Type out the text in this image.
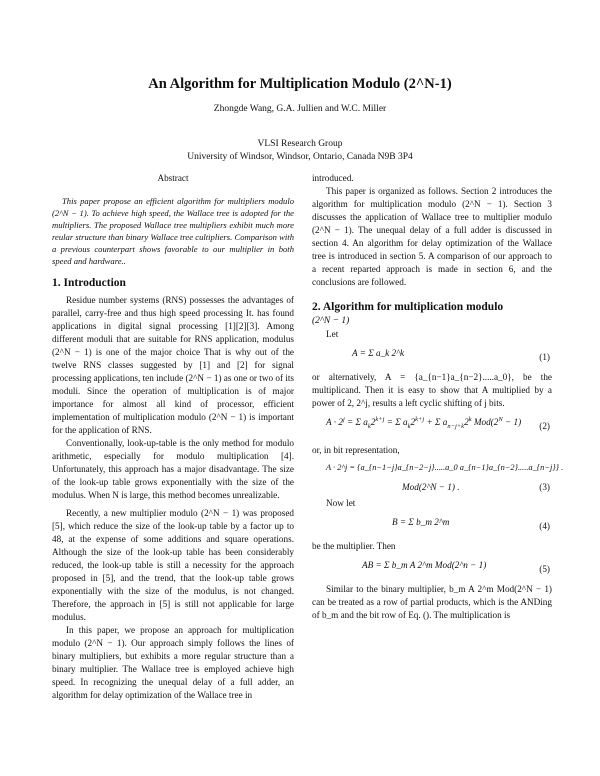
An Algorithm for Multiplication Modulo (2^N-1)
Zhongde Wang, G.A. Jullien and W.C. Miller
VLSI Research Group
University of Windsor, Windsor, Ontario, Canada N9B 3P4
Abstract

This paper propose an efficient algorithm for multipliers modulo (2^N − 1). To achieve high speed, the Wallace tree is adopted for the multipliers. The proposed Wallace tree multipliers exhibit much more reular structure than binary Wallace tree cultipliers. Comparison with a previous counterpart shows favorable to our multiplier in both speed and hardware..

1. Introduction

Residue number systems (RNS) possesses the advantages of parallel, carry-free and thus high speed processing It. has found applications in digital signal processing [1][2][3]. Among different moduli that are suitable for RNS application, modulus (2^N − 1) is one of the major choice That is why out of the twelve RNS classes suggested by [1] and [2] for signal processing applications, ten include (2^N − 1) as one or two of its moduli. Since the operation of multiplication is of major importance for almost all kind of processor, efficient implementation of multiplication modulo (2^N − 1) is important for the application of RNS.

Conventionally, look-up-table is the only method for modulo arithmetic, especially for modulo multiplication [4]. Unfortunately, this approach has a major disadvantage. The size of the look-up table grows exponentially with the size of the modulus. When N is large, this method becomes unrealizable.

Recently, a new multiplier modulo (2^N − 1) was proposed [5], which reduce the size of the look-up table by a factor up to 48, at the expense of some additions and square operations. Although the size of the look-up table has been considerably reduced, the look-up table is still a necessity for the approach proposed in [5], and the trend, that the look-up table grows exponentially with the size of the modulus, is not changed. Therefore, the approach in [5] is still not applicable for large modulus.

In this paper, we propose an approach for multiplication modulo (2^N − 1). Our approach simply follows the lines of binary multipliers, but exhibits a more regular structure than a binary multiplier. The Wallace tree is employed achieve high speed. In recognizing the unequal delay of a full adder, an algorithm for delay optimization of the Wallace tree in

introduced.

This paper is organized as follows. Section 2 introduces the algorithm for multiplication modulo (2^N − 1). Section 3 discusses the application of Wallace tree to multiplier modulo (2^N − 1). The unequal delay of a full adder is discussed in section 4. An algorithm for delay optimization of the Wallace tree is introduced in section 5. A comparison of our approach to a recent reparted approach is made in section 6, and the conclusions are followed.

2. Algorithm for multiplication modulo
(2^N − 1)

Let

A = Σ a_k 2^k	(1)

or alternatively, A = {a_{n−1}a_{n−2}.....a_0}, be the multiplicand. Then it is easy to show that A multiplied by a power of 2, 2^j, results a left cyclic shifting of j bits.

$A \cdot 2^j = \Sigma$ $a_k2^{k+j} = \Sigma$ $a_k2^{k+j} + \Sigma$ $a_{n-j+k}2^k$ $Mod(2^N - 1)$ (2)

or, in bit representation,

A · 2^j = {a_{n−1−j}a_{n−2−j}.....a_0 a_{n−1}a_{n−2}.....a_{n−j}} .
Mod(2^N − 1) .	(3)

Now let

B = Σ b_m 2^m	(4)

be the multiplier. Then

AB = Σ b_m A 2^m Mod(2^n − 1)	(5)

Similar to the binary multiplier, b_m A 2^m Mod(2^N − 1) can be treated as a row of partial products, which is the ANDing of b_m and the bit row of Eq. (). The multiplication is
